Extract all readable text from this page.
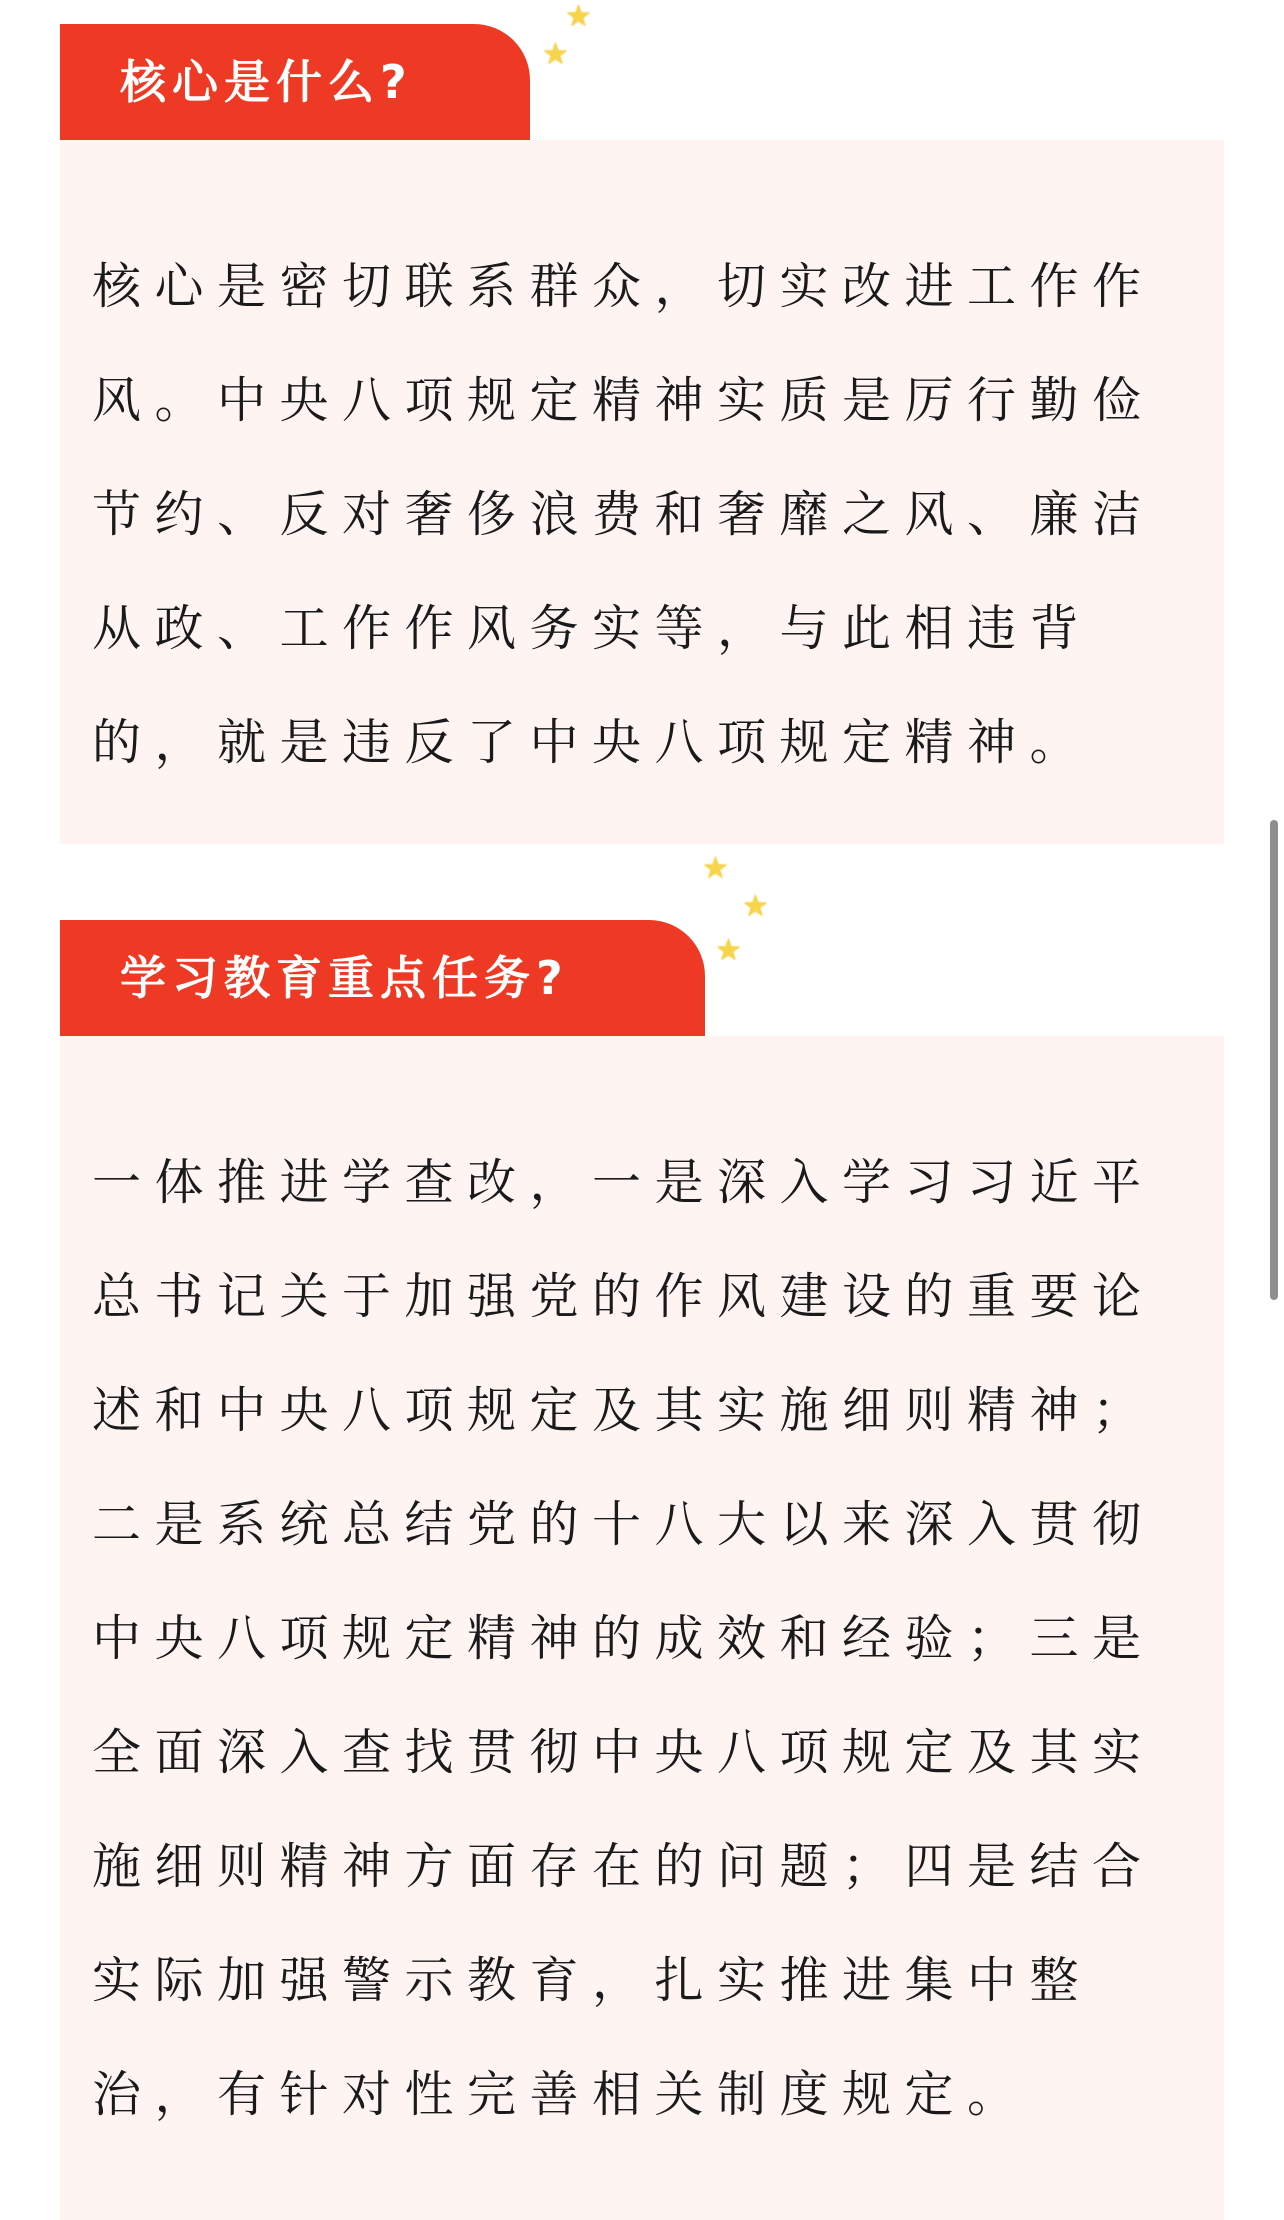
★
★
核心是什么?

核心是密切联系群众，切实改进工作作风。中央八项规定精神实质是厉行勤俭节约、反对奢侈浪费和奢靡之风、廉洁从政、工作作风务实等，与此相违背的，就是违反了中央八项规定精神。

★
★
★
学习教育重点任务?

一体推进学查改，一是深入学习习近平总书记关于加强党的作风建设的重要论述和中央八项规定及其实施细则精神；二是系统总结党的十八大以来深入贯彻中央八项规定精神的成效和经验；三是全面深入查找贯彻中央八项规定及其实施细则精神方面存在的问题；四是结合实际加强警示教育，扎实推进集中整治，有针对性完善相关制度规定。
